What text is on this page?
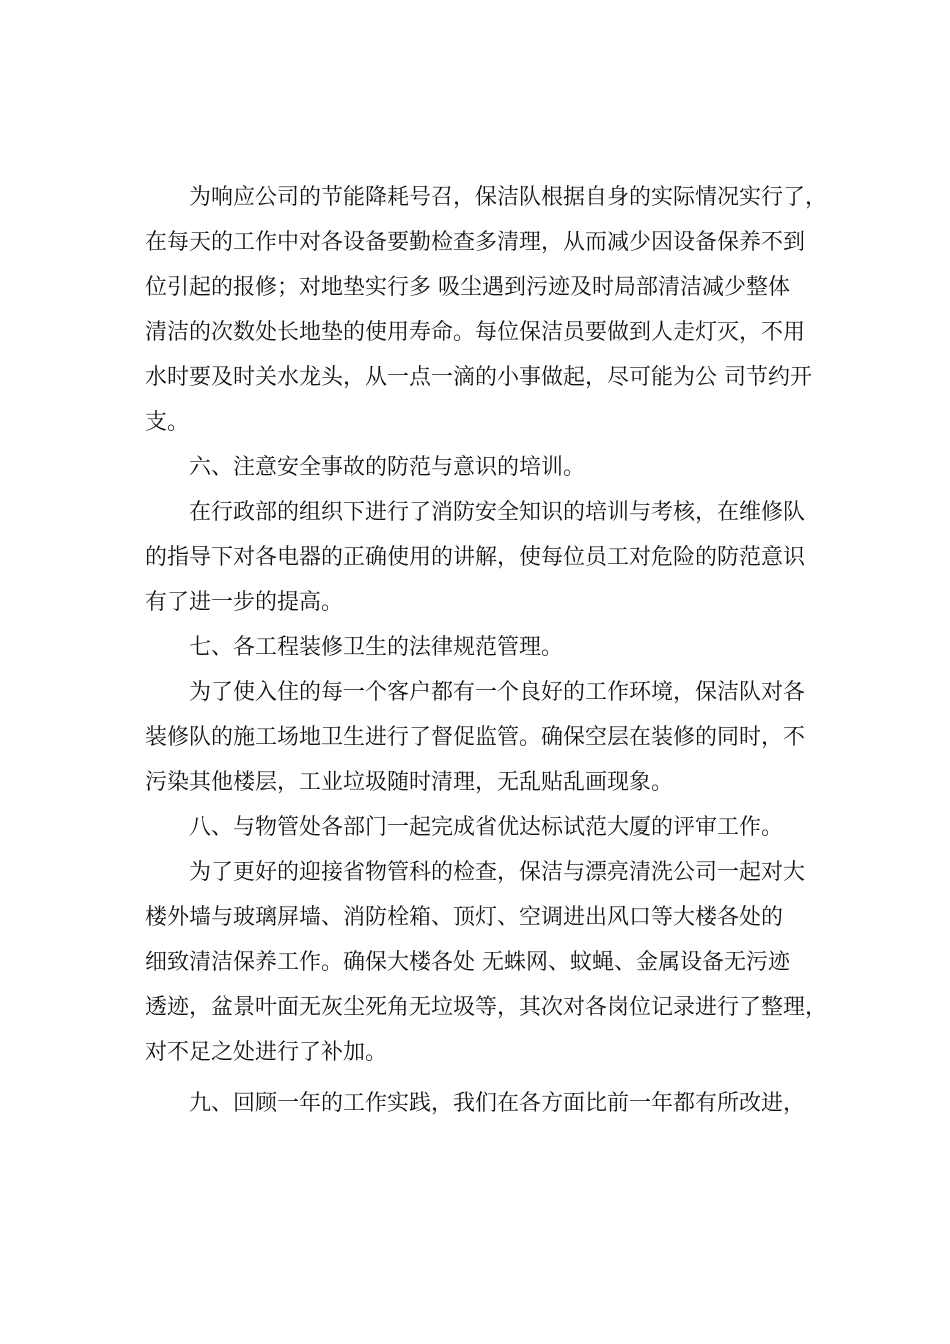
为响应公司的节能降耗号召，保洁队根据自身的实际情况实行了，
在每天的工作中对各设备要勤检查多清理，从而减少因设备保养不到
位引起的报修；对地垫实行多 吸尘遇到污迹及时局部清洁减少整体
清洁的次数处长地垫的使用寿命。每位保洁员要做到人走灯灭，不用
水时要及时关水龙头，从一点一滴的小事做起，尽可能为公 司节约开
支。
六、注意安全事故的防范与意识的培训。
在行政部的组织下进行了消防安全知识的培训与考核，在维修队
的指导下对各电器的正确使用的讲解，使每位员工对危险的防范意识
有了进一步的提高。
七、各工程装修卫生的法律规范管理。
为了使入住的每一个客户都有一个良好的工作环境，保洁队对各
装修队的施工场地卫生进行了督促监管。确保空层在装修的同时，不
污染其他楼层，工业垃圾随时清理，无乱贴乱画现象。
八、与物管处各部门一起完成省优达标试范大厦的评审工作。
为了更好的迎接省物管科的检查，保洁与漂亮清洗公司一起对大
楼外墙与玻璃屏墙、消防栓箱、顶灯、空调进出风口等大楼各处的
细致清洁保养工作。确保大楼各处 无蛛网、蚊蝇、金属设备无污迹
透迹，盆景叶面无灰尘死角无垃圾等，其次对各岗位记录进行了整理，
对不足之处进行了补加。
九、回顾一年的工作实践，我们在各方面比前一年都有所改进，
